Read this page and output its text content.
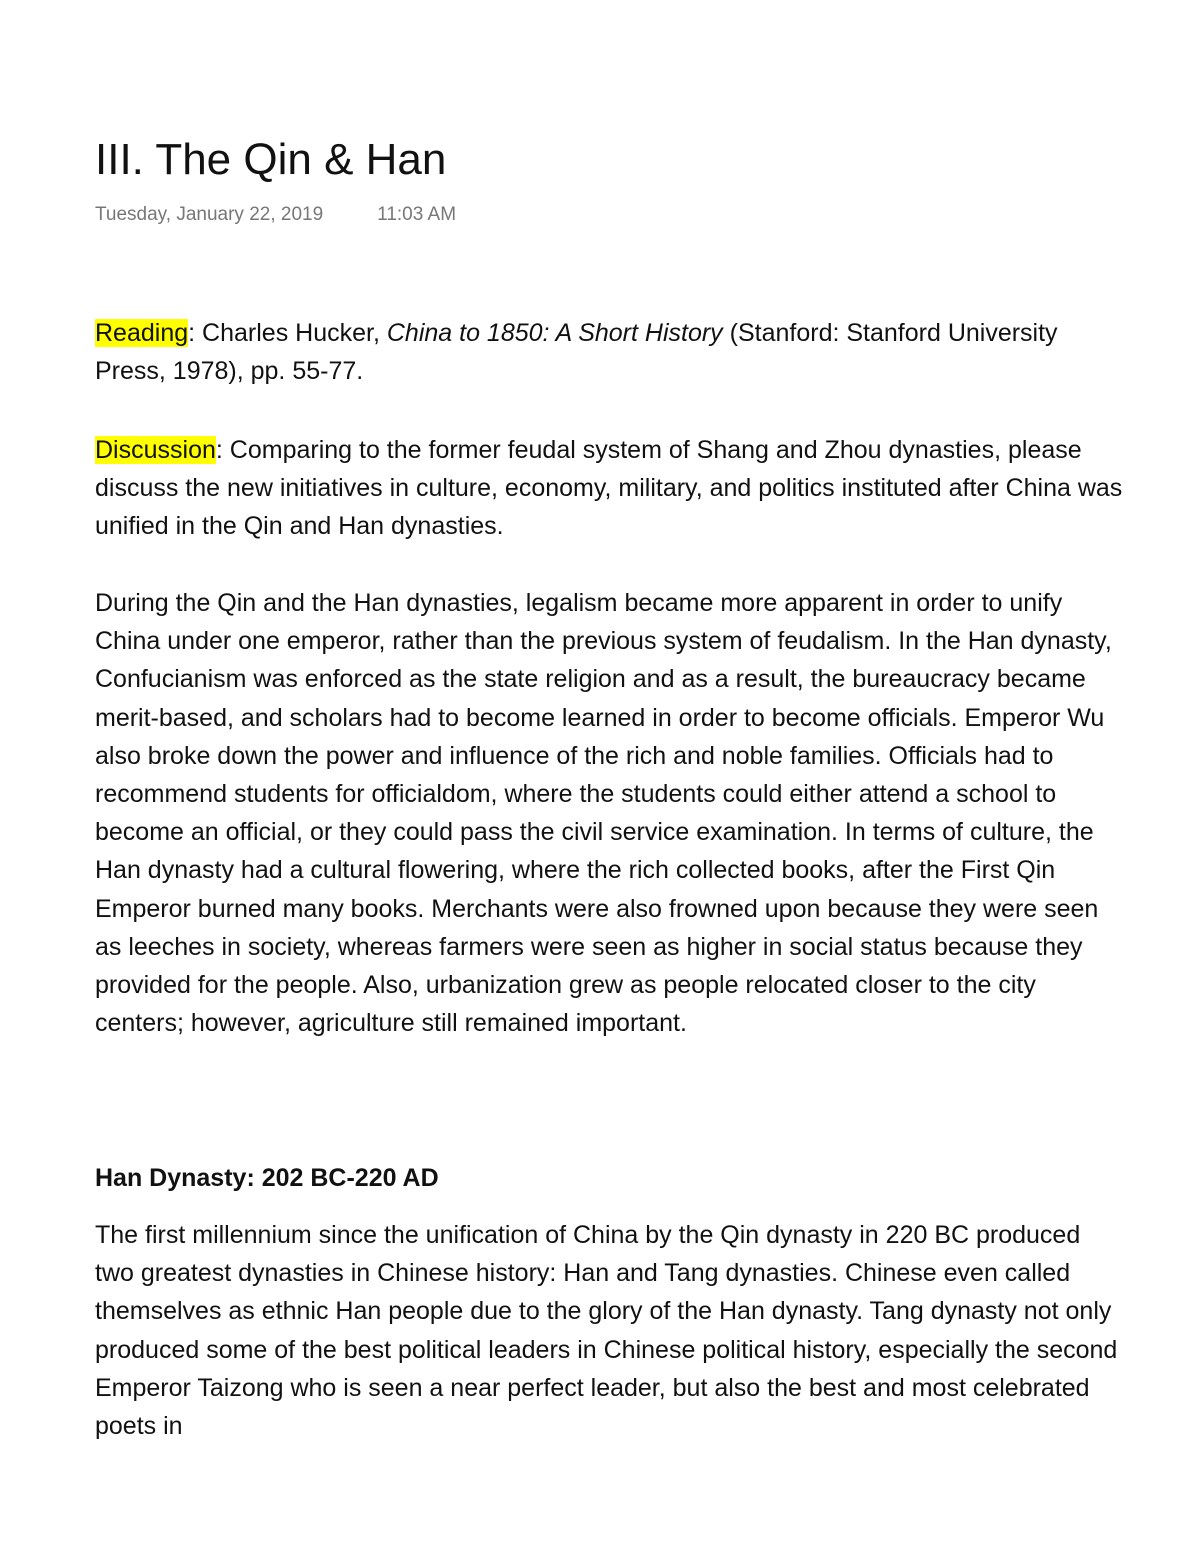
III. The Qin & Han
Tuesday, January 22, 2019	11:03 AM

Reading: Charles Hucker, China to 1850: A Short History (Stanford: Stanford University Press, 1978), pp. 55-77.

Discussion: Comparing to the former feudal system of Shang and Zhou dynasties, please discuss the new initiatives in culture, economy, military, and politics instituted after China was unified in the Qin and Han dynasties.

During the Qin and the Han dynasties, legalism became more apparent in order to unify China under one emperor, rather than the previous system of feudalism. In the Han dynasty, Confucianism was enforced as the state religion and as a result, the bureaucracy became merit-based, and scholars had to become learned in order to become officials. Emperor Wu also broke down the power and influence of the rich and noble families. Officials had to recommend students for officialdom, where the students could either attend a school to become an official, or they could pass the civil service examination. In terms of culture, the Han dynasty had a cultural flowering, where the rich collected books, after the First Qin Emperor burned many books. Merchants were also frowned upon because they were seen as leeches in society, whereas farmers were seen as higher in social status because they provided for the people. Also, urbanization grew as people relocated closer to the city centers; however, agriculture still remained important.

Han Dynasty: 202 BC-220 AD

The first millennium since the unification of China by the Qin dynasty in 220 BC produced two greatest dynasties in Chinese history: Han and Tang dynasties. Chinese even called themselves as ethnic Han people due to the glory of the Han dynasty. Tang dynasty not only produced some of the best political leaders in Chinese political history, especially the second Emperor Taizong who is seen a near perfect leader, but also the best and most celebrated poets in
